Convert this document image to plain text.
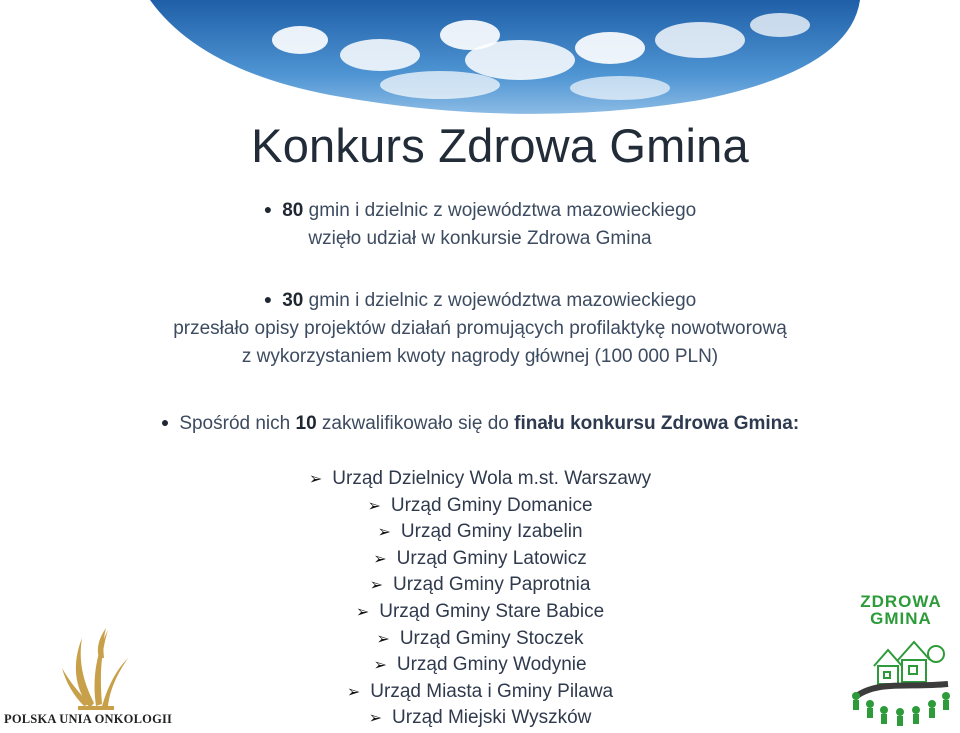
Konkurs Zdrowa Gmina
● 80 gmin i dzielnic z województwa mazowieckiego
wzięło udział w konkursie Zdrowa Gmina
● 30 gmin i dzielnic z województwa mazowieckiego
przesłało opisy projektów działań promujących profilaktykę nowotworową
z wykorzystaniem kwoty nagrody głównej (100 000 PLN)
● Spośród nich 10 zakwalifikowało się do finału konkursu Zdrowa Gmina:
➢ Urząd Dzielnicy Wola m.st. Warszawy
➢ Urząd Gminy Domanice
➢ Urząd Gminy Izabelin
➢ Urząd Gminy Latowicz
➢ Urząd Gminy Paprotnia
➢ Urząd Gminy Stare Babice
➢ Urząd Gminy Stoczek
➢ Urząd Gminy Wodynie
➢ Urząd Miasta i Gminy Pilawa
➢ Urząd Miejski Wyszków
POLSKA UNIA ONKOLOGII
ZDROWA
GMINA
